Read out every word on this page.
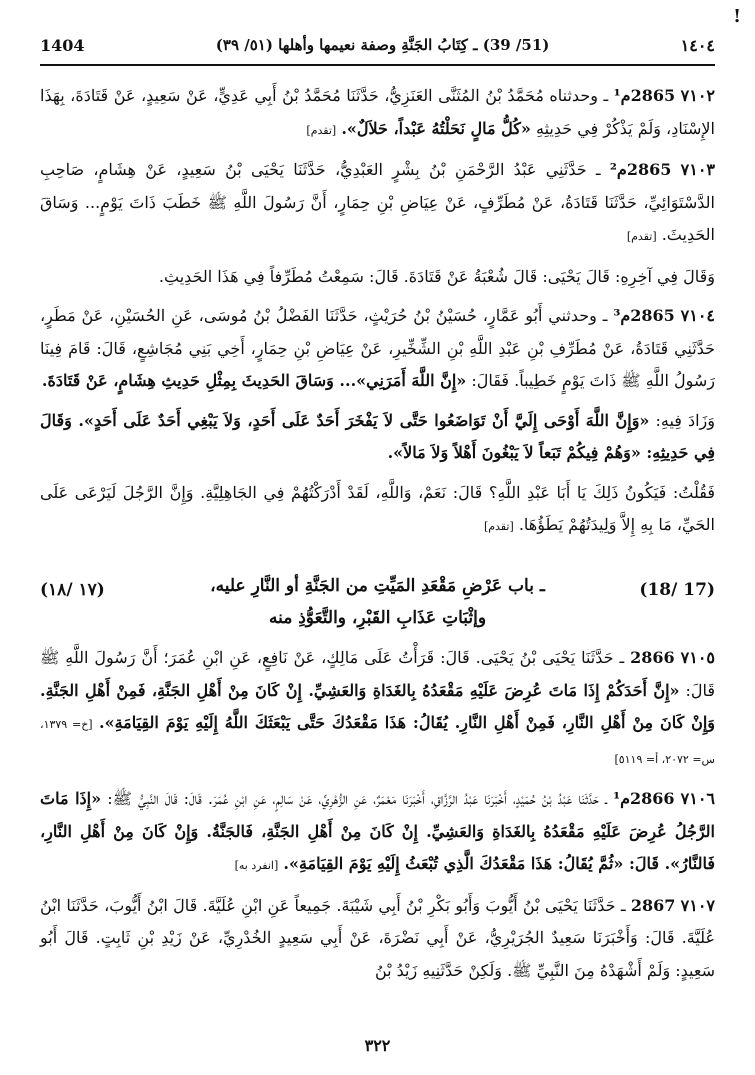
!
1404	(51/ 39) ـ كِتَابُ الجَنَّةِ وصفة نعيمها وأهلها (٥١/ ٣٩)	١٤٠٤

٧١٠٢ 2865م¹ ـ وحدثناه مُحَمَّدُ بْنُ المُثَنَّى العَنَزِيُّ، حَدَّثَنَا مُحَمَّدُ بْنُ أَبِي عَدِيٍّ، عَنْ سَعِيدٍ، عَنْ قَتَادَةَ، بِهَذَا الإِسْنَادِ، وَلَمْ يَذْكُرْ فِي حَدِيثِهِ «كُلُّ مَالٍ نَحَلْتُهُ عَبْداً، حَلاَلٌ». [تقدم]

٧١٠٣ 2865م² ـ حَدَّثَنِي عَبْدُ الرَّحْمَنِ بْنُ بِشْرٍ العَبْدِيُّ، حَدَّثَنَا يَحْيَى بْنُ سَعِيدٍ، عَنْ هِشَامٍ، صَاحِبِ الدَّسْتَوَائِيِّ، حَدَّثَنَا قَتَادَةُ، عَنْ مُطَرِّفٍ، عَنْ عِيَاضِ بْنِ حِمَارٍ، أَنَّ رَسُولَ اللَّهِ ﷺ خَطَبَ ذَاتَ يَوْمٍ... وَسَاقَ الحَدِيثَ. [تقدم]

وَقَالَ فِي آخِرِهِ: قَالَ يَحْيَى: قَالَ شُعْبَةُ عَنْ قَتَادَةَ. قَالَ: سَمِعْتُ مُطَرِّفاً فِي هَذَا الحَدِيثِ.

٧١٠٤ 2865م³ ـ وحدثني أَبُو عَمَّارٍ، حُسَيْنُ بْنُ حُرَيْثٍ، حَدَّثَنَا الفَضْلُ بْنُ مُوسَى، عَنِ الحُسَيْنِ، عَنْ مَطَرٍ، حَدَّثَنِي قَتَادَةُ، عَنْ مُطَرِّفِ بْنِ عَبْدِ اللَّهِ بْنِ الشِّخِّيرِ، عَنْ عِيَاضِ بْنِ حِمَارٍ، أَخِي بَنِي مُجَاشِعٍ، قَالَ: قَامَ فِينَا رَسُولُ اللَّهِ ﷺ ذَاتَ يَوْمٍ خَطِيباً. فَقَالَ: «إِنَّ اللَّهَ أَمَرَنِي»... وَسَاقَ الحَدِيثَ بِمِثْلِ حَدِيثِ هِشَامٍ، عَنْ قَتَادَةَ.

وَزَادَ فِيهِ: «وَإِنَّ اللَّهَ أَوْحَى إِلَيَّ أَنْ تَوَاضَعُوا حَتَّى لاَ يَفْخَرَ أَحَدٌ عَلَى أَحَدٍ، وَلاَ يَبْغِي أَحَدٌ عَلَى أَحَدٍ». وَقَالَ فِي حَدِيثِهِ: «وَهُمْ فِيكُمْ تَبَعاً لاَ يَبْغُونَ أَهْلاً وَلاَ مَالاً».

فَقُلْتُ: فَيَكُونُ ذَلِكَ يَا أَبَا عَبْدِ اللَّهِ؟ قَالَ: نَعَمْ، وَاللَّهِ، لَقَدْ أَدْرَكْتُهُمْ فِي الجَاهِلِيَّةِ. وَإِنَّ الرَّجُلَ لَيَرْعَى عَلَى الحَيِّ، مَا بِهِ إِلاَّ وَلِيدَتُهُمْ يَطَؤُهَا. [تقدم]

(17 /18)
(١٧ /١٨)	ـ باب عَرْضِ مَقْعَدِ المَيِّتِ من الجَنَّةِ أو النَّارِ عليه،
وإثْبَاتِ عَذَابِ القَبْرِ، والتَّعَوُّذِ منه

٧١٠٥ 2866 ـ حَدَّثَنَا يَحْيَى بْنُ يَحْيَى. قَالَ: قَرَأْتُ عَلَى مَالِكٍ، عَنْ نَافِعٍ، عَنِ ابْنِ عُمَرَ؛ أَنَّ رَسُولَ اللَّهِ ﷺ قَالَ: «إِنَّ أَحَدَكُمْ إِذَا مَاتَ عُرِضَ عَلَيْهِ مَقْعَدُهُ بِالغَدَاةِ وَالعَشِيِّ. إِنْ كَانَ مِنْ أَهْلِ الجَنَّةِ، فَمِنْ أَهْلِ الجَنَّةِ. وَإِنْ كَانَ مِنْ أَهْلِ النَّارِ، فَمِنْ أَهْلِ النَّارِ. يُقَالُ: هَذَا مَقْعَدُكَ حَتَّى يَبْعَثَكَ اللَّهُ إِلَيْهِ يَوْمَ القِيَامَةِ». [خ= ١٣٧٩، س= ٢٠٧٢، أ= ٥١١٩]

٧١٠٦ 2866م¹ ـ حَدَّثَنَا عَبْدُ بْنُ حُمَيْدٍ، أَخْبَرَنَا عَبْدُ الرَّزَّاقِ، أَخْبَرَنَا مَعْمَرٌ، عَنِ الزُّهْرِيِّ، عَنْ سَالِمٍ، عَنِ ابْنِ عُمَرَ. قَالَ: قَالَ النَّبِيُّ ﷺ: «إِذَا مَاتَ الرَّجُلُ عُرِضَ عَلَيْهِ مَقْعَدُهُ بِالغَدَاةِ وَالعَشِيِّ. إِنْ كَانَ مِنْ أَهْلِ الجَنَّةِ، فَالجَنَّةُ. وَإِنْ كَانَ مِنْ أَهْلِ النَّارِ، فَالنَّارُ». قَالَ: «ثُمَّ يُقَالُ: هَذَا مَقْعَدُكَ الَّذِي تُبْعَثُ إِلَيْهِ يَوْمَ القِيَامَةِ». [انفرد به]

٧١٠٧ 2867 ـ حَدَّثَنَا يَحْيَى بْنُ أَيُّوبَ وَأَبُو بَكْرِ بْنُ أَبِي شَيْبَةَ. جَمِيعاً عَنِ ابْنِ عُلَيَّةَ. قَالَ ابْنُ أَيُّوبَ، حَدَّثَنَا ابْنُ عُلَيَّةَ. قَالَ: وَأَخْبَرَنَا سَعِيدٌ الجُرَيْرِيُّ، عَنْ أَبِي نَضْرَةَ، عَنْ أَبِي سَعِيدٍ الخُدْرِيِّ، عَنْ زَيْدِ بْنِ ثَابِتٍ. قَالَ أَبُو سَعِيدٍ: وَلَمْ أَشْهَدْهُ مِنَ النَّبِيِّ ﷺ. وَلَكِنْ حَدَّثَنِيهِ زَيْدُ بْنُ

٣٢٢
